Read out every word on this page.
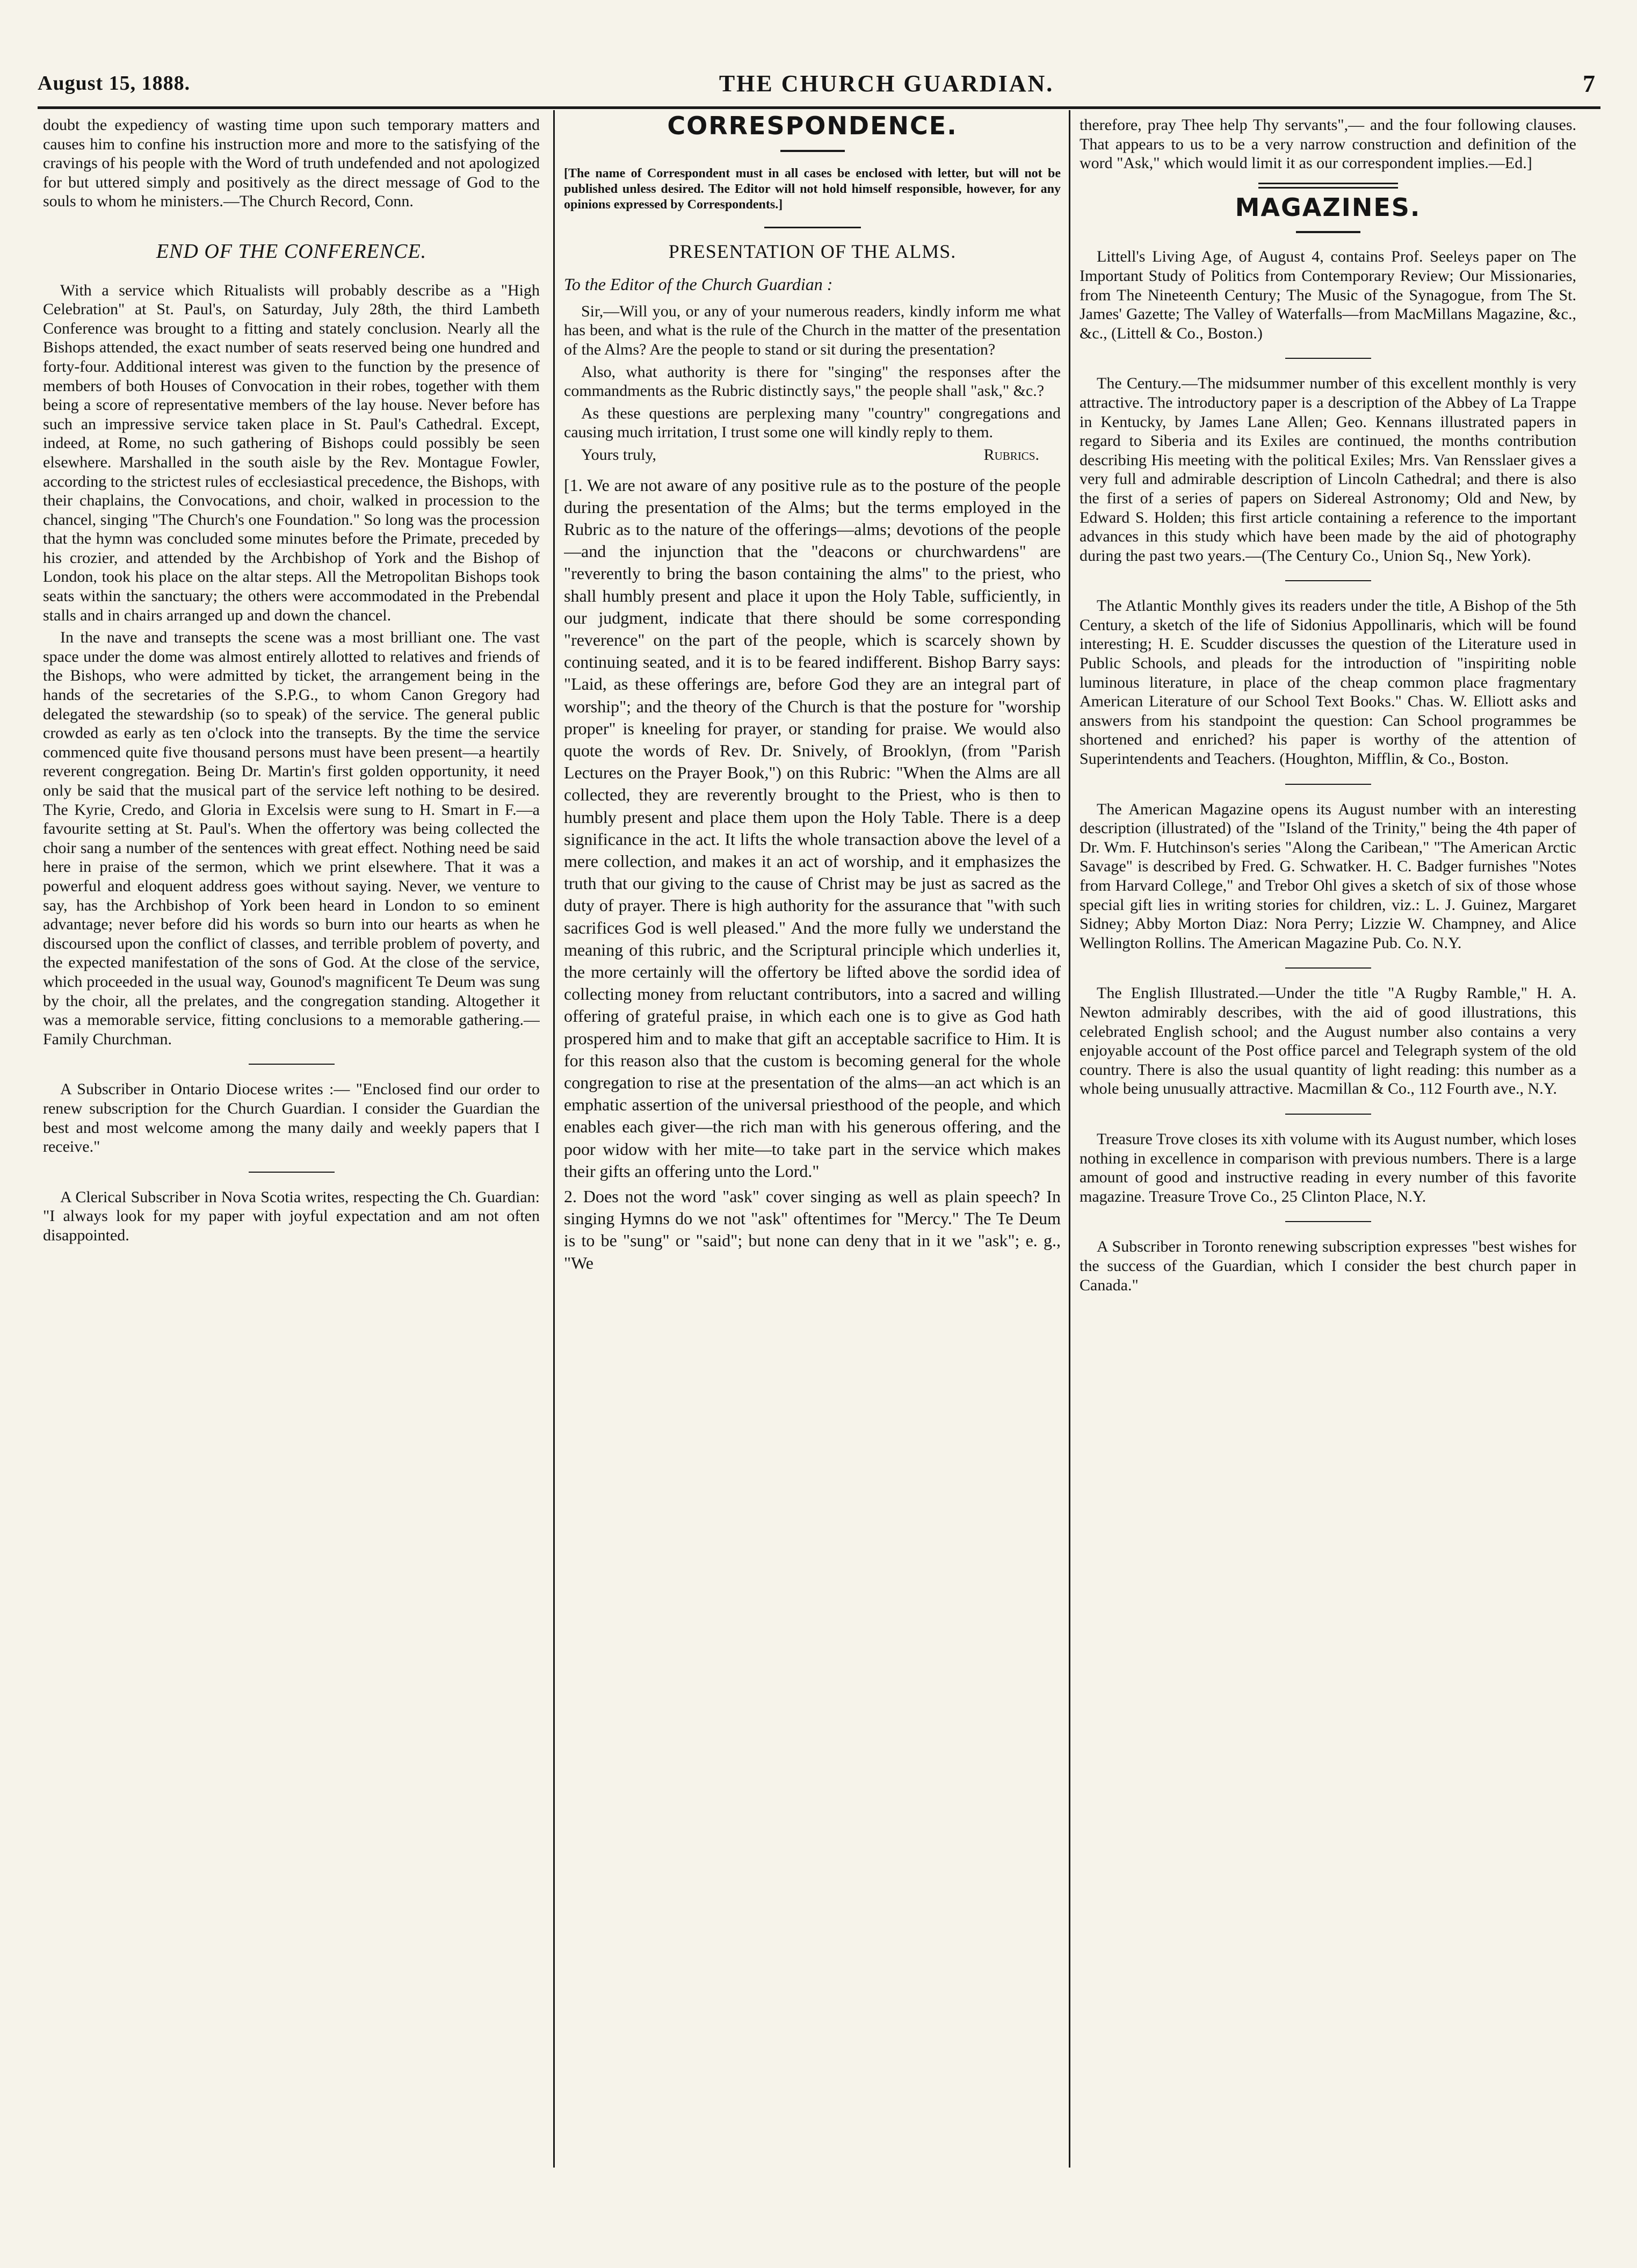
August 15, 1888.	THE CHURCH GUARDIAN.	7

doubt the expediency of wasting time upon such temporary matters and causes him to confine his instruction more and more to the satisfying of the cravings of his people with the Word of truth undefended and not apologized for but uttered simply and positively as the direct message of God to the souls to whom he ministers.—The Church Record, Conn.

END OF THE CONFERENCE.

With a service which Ritualists will probably describe as a "High Celebration" at St. Paul's, on Saturday, July 28th, the third Lambeth Conference was brought to a fitting and stately conclusion. Nearly all the Bishops attended, the exact number of seats reserved being one hundred and forty-four. Additional interest was given to the function by the presence of members of both Houses of Convocation in their robes, together with them being a score of representative members of the lay house. Never before has such an impressive service taken place in St. Paul's Cathedral. Except, indeed, at Rome, no such gathering of Bishops could possibly be seen elsewhere. Marshalled in the south aisle by the Rev. Montague Fowler, according to the strictest rules of ecclesiastical precedence, the Bishops, with their chaplains, the Convocations, and choir, walked in procession to the chancel, singing "The Church's one Foundation." So long was the procession that the hymn was concluded some minutes before the Primate, preceded by his crozier, and attended by the Archbishop of York and the Bishop of London, took his place on the altar steps. All the Metropolitan Bishops took seats within the sanctuary; the others were accommodated in the Prebendal stalls and in chairs arranged up and down the chancel.

In the nave and transepts the scene was a most brilliant one. The vast space under the dome was almost entirely allotted to relatives and friends of the Bishops, who were admitted by ticket, the arrangement being in the hands of the secretaries of the S.P.G., to whom Canon Gregory had delegated the stewardship (so to speak) of the service. The general public crowded as early as ten o'clock into the transepts. By the time the service commenced quite five thousand persons must have been present—a heartily reverent congregation. Being Dr. Martin's first golden opportunity, it need only be said that the musical part of the service left nothing to be desired. The Kyrie, Credo, and Gloria in Excelsis were sung to H. Smart in F.—a favourite setting at St. Paul's. When the offertory was being collected the choir sang a number of the sentences with great effect. Nothing need be said here in praise of the sermon, which we print elsewhere. That it was a powerful and eloquent address goes without saying. Never, we venture to say, has the Archbishop of York been heard in London to so eminent advantage; never before did his words so burn into our hearts as when he discoursed upon the conflict of classes, and terrible problem of poverty, and the expected manifestation of the sons of God. At the close of the service, which proceeded in the usual way, Gounod's magnificent Te Deum was sung by the choir, all the prelates, and the congregation standing. Altogether it was a memorable service, fitting conclusions to a memorable gathering.—Family Churchman.

A Subscriber in Ontario Diocese writes :— "Enclosed find our order to renew subscription for the Church Guardian. I consider the Guardian the best and most welcome among the many daily and weekly papers that I receive."

A Clerical Subscriber in Nova Scotia writes, respecting the Ch. Guardian: "I always look for my paper with joyful expectation and am not often disappointed.

CORRESPONDENCE.
[The name of Correspondent must in all cases be enclosed with letter, but will not be published unless desired. The Editor will not hold himself responsible, however, for any opinions expressed by Correspondents.]
PRESENTATION OF THE ALMS.
To the Editor of the Church Guardian :

Sir,—Will you, or any of your numerous readers, kindly inform me what has been, and what is the rule of the Church in the matter of the presentation of the Alms? Are the people to stand or sit during the presentation?

Also, what authority is there for "singing" the responses after the commandments as the Rubric distinctly says," the people shall "ask," &c.?

As these questions are perplexing many "country" congregations and causing much irritation, I trust some one will kindly reply to them.

Yours truly,	Rubrics.

[1. We are not aware of any positive rule as to the posture of the people during the presentation of the Alms; but the terms employed in the Rubric as to the nature of the offerings—alms; devotions of the people—and the injunction that the "deacons or churchwardens" are "reverently to bring the bason containing the alms" to the priest, who shall humbly present and place it upon the Holy Table, sufficiently, in our judgment, indicate that there should be some corresponding "reverence" on the part of the people, which is scarcely shown by continuing seated, and it is to be feared indifferent. Bishop Barry says: "Laid, as these offerings are, before God they are an integral part of worship"; and the theory of the Church is that the posture for "worship proper" is kneeling for prayer, or standing for praise. We would also quote the words of Rev. Dr. Snively, of Brooklyn, (from "Parish Lectures on the Prayer Book,") on this Rubric: "When the Alms are all collected, they are reverently brought to the Priest, who is then to humbly present and place them upon the Holy Table. There is a deep significance in the act. It lifts the whole transaction above the level of a mere collection, and makes it an act of worship, and it emphasizes the truth that our giving to the cause of Christ may be just as sacred as the duty of prayer. There is high authority for the assurance that "with such sacrifices God is well pleased." And the more fully we understand the meaning of this rubric, and the Scriptural principle which underlies it, the more certainly will the offertory be lifted above the sordid idea of collecting money from reluctant contributors, into a sacred and willing offering of grateful praise, in which each one is to give as God hath prospered him and to make that gift an acceptable sacrifice to Him. It is for this reason also that the custom is becoming general for the whole congregation to rise at the presentation of the alms—an act which is an emphatic assertion of the universal priesthood of the people, and which enables each giver—the rich man with his generous offering, and the poor widow with her mite—to take part in the service which makes their gifts an offering unto the Lord."

2. Does not the word "ask" cover singing as well as plain speech? In singing Hymns do we not "ask" oftentimes for "Mercy." The Te Deum is to be "sung" or "said"; but none can deny that in it we "ask"; e. g., "We

therefore, pray Thee help Thy servants",— and the four following clauses. That appears to us to be a very narrow construction and definition of the word "Ask," which would limit it as our correspondent implies.—Ed.]

MAGAZINES.

Littell's Living Age, of August 4, contains Prof. Seeleys paper on The Important Study of Politics from Contemporary Review; Our Missionaries, from The Nineteenth Century; The Music of the Synagogue, from The St. James' Gazette; The Valley of Waterfalls—from MacMillans Magazine, &c., &c., (Littell & Co., Boston.)

The Century.—The midsummer number of this excellent monthly is very attractive. The introductory paper is a description of the Abbey of La Trappe in Kentucky, by James Lane Allen; Geo. Kennans illustrated papers in regard to Siberia and its Exiles are continued, the months contribution describing His meeting with the political Exiles; Mrs. Van Rensslaer gives a very full and admirable description of Lincoln Cathedral; and there is also the first of a series of papers on Sidereal Astronomy; Old and New, by Edward S. Holden; this first article containing a reference to the important advances in this study which have been made by the aid of photography during the past two years.—(The Century Co., Union Sq., New York).

The Atlantic Monthly gives its readers under the title, A Bishop of the 5th Century, a sketch of the life of Sidonius Appollinaris, which will be found interesting; H. E. Scudder discusses the question of the Literature used in Public Schools, and pleads for the introduction of "inspiriting noble luminous literature, in place of the cheap common place fragmentary American Literature of our School Text Books." Chas. W. Elliott asks and answers from his standpoint the question: Can School programmes be shortened and enriched? his paper is worthy of the attention of Superintendents and Teachers. (Houghton, Mifflin, & Co., Boston.

The American Magazine opens its August number with an interesting description (illustrated) of the "Island of the Trinity," being the 4th paper of Dr. Wm. F. Hutchinson's series "Along the Caribean," "The American Arctic Savage" is described by Fred. G. Schwatker. H. C. Badger furnishes "Notes from Harvard College," and Trebor Ohl gives a sketch of six of those whose special gift lies in writing stories for children, viz.: L. J. Guinez, Margaret Sidney; Abby Morton Diaz: Nora Perry; Lizzie W. Champney, and Alice Wellington Rollins. The American Magazine Pub. Co. N.Y.

The English Illustrated.—Under the title "A Rugby Ramble," H. A. Newton admirably describes, with the aid of good illustrations, this celebrated English school; and the August number also contains a very enjoyable account of the Post office parcel and Telegraph system of the old country. There is also the usual quantity of light reading: this number as a whole being unusually attractive. Macmillan & Co., 112 Fourth ave., N.Y.

Treasure Trove closes its xith volume with its August number, which loses nothing in excellence in comparison with previous numbers. There is a large amount of good and instructive reading in every number of this favorite magazine. Treasure Trove Co., 25 Clinton Place, N.Y.

A Subscriber in Toronto renewing subscription expresses "best wishes for the success of the Guardian, which I consider the best church paper in Canada."
